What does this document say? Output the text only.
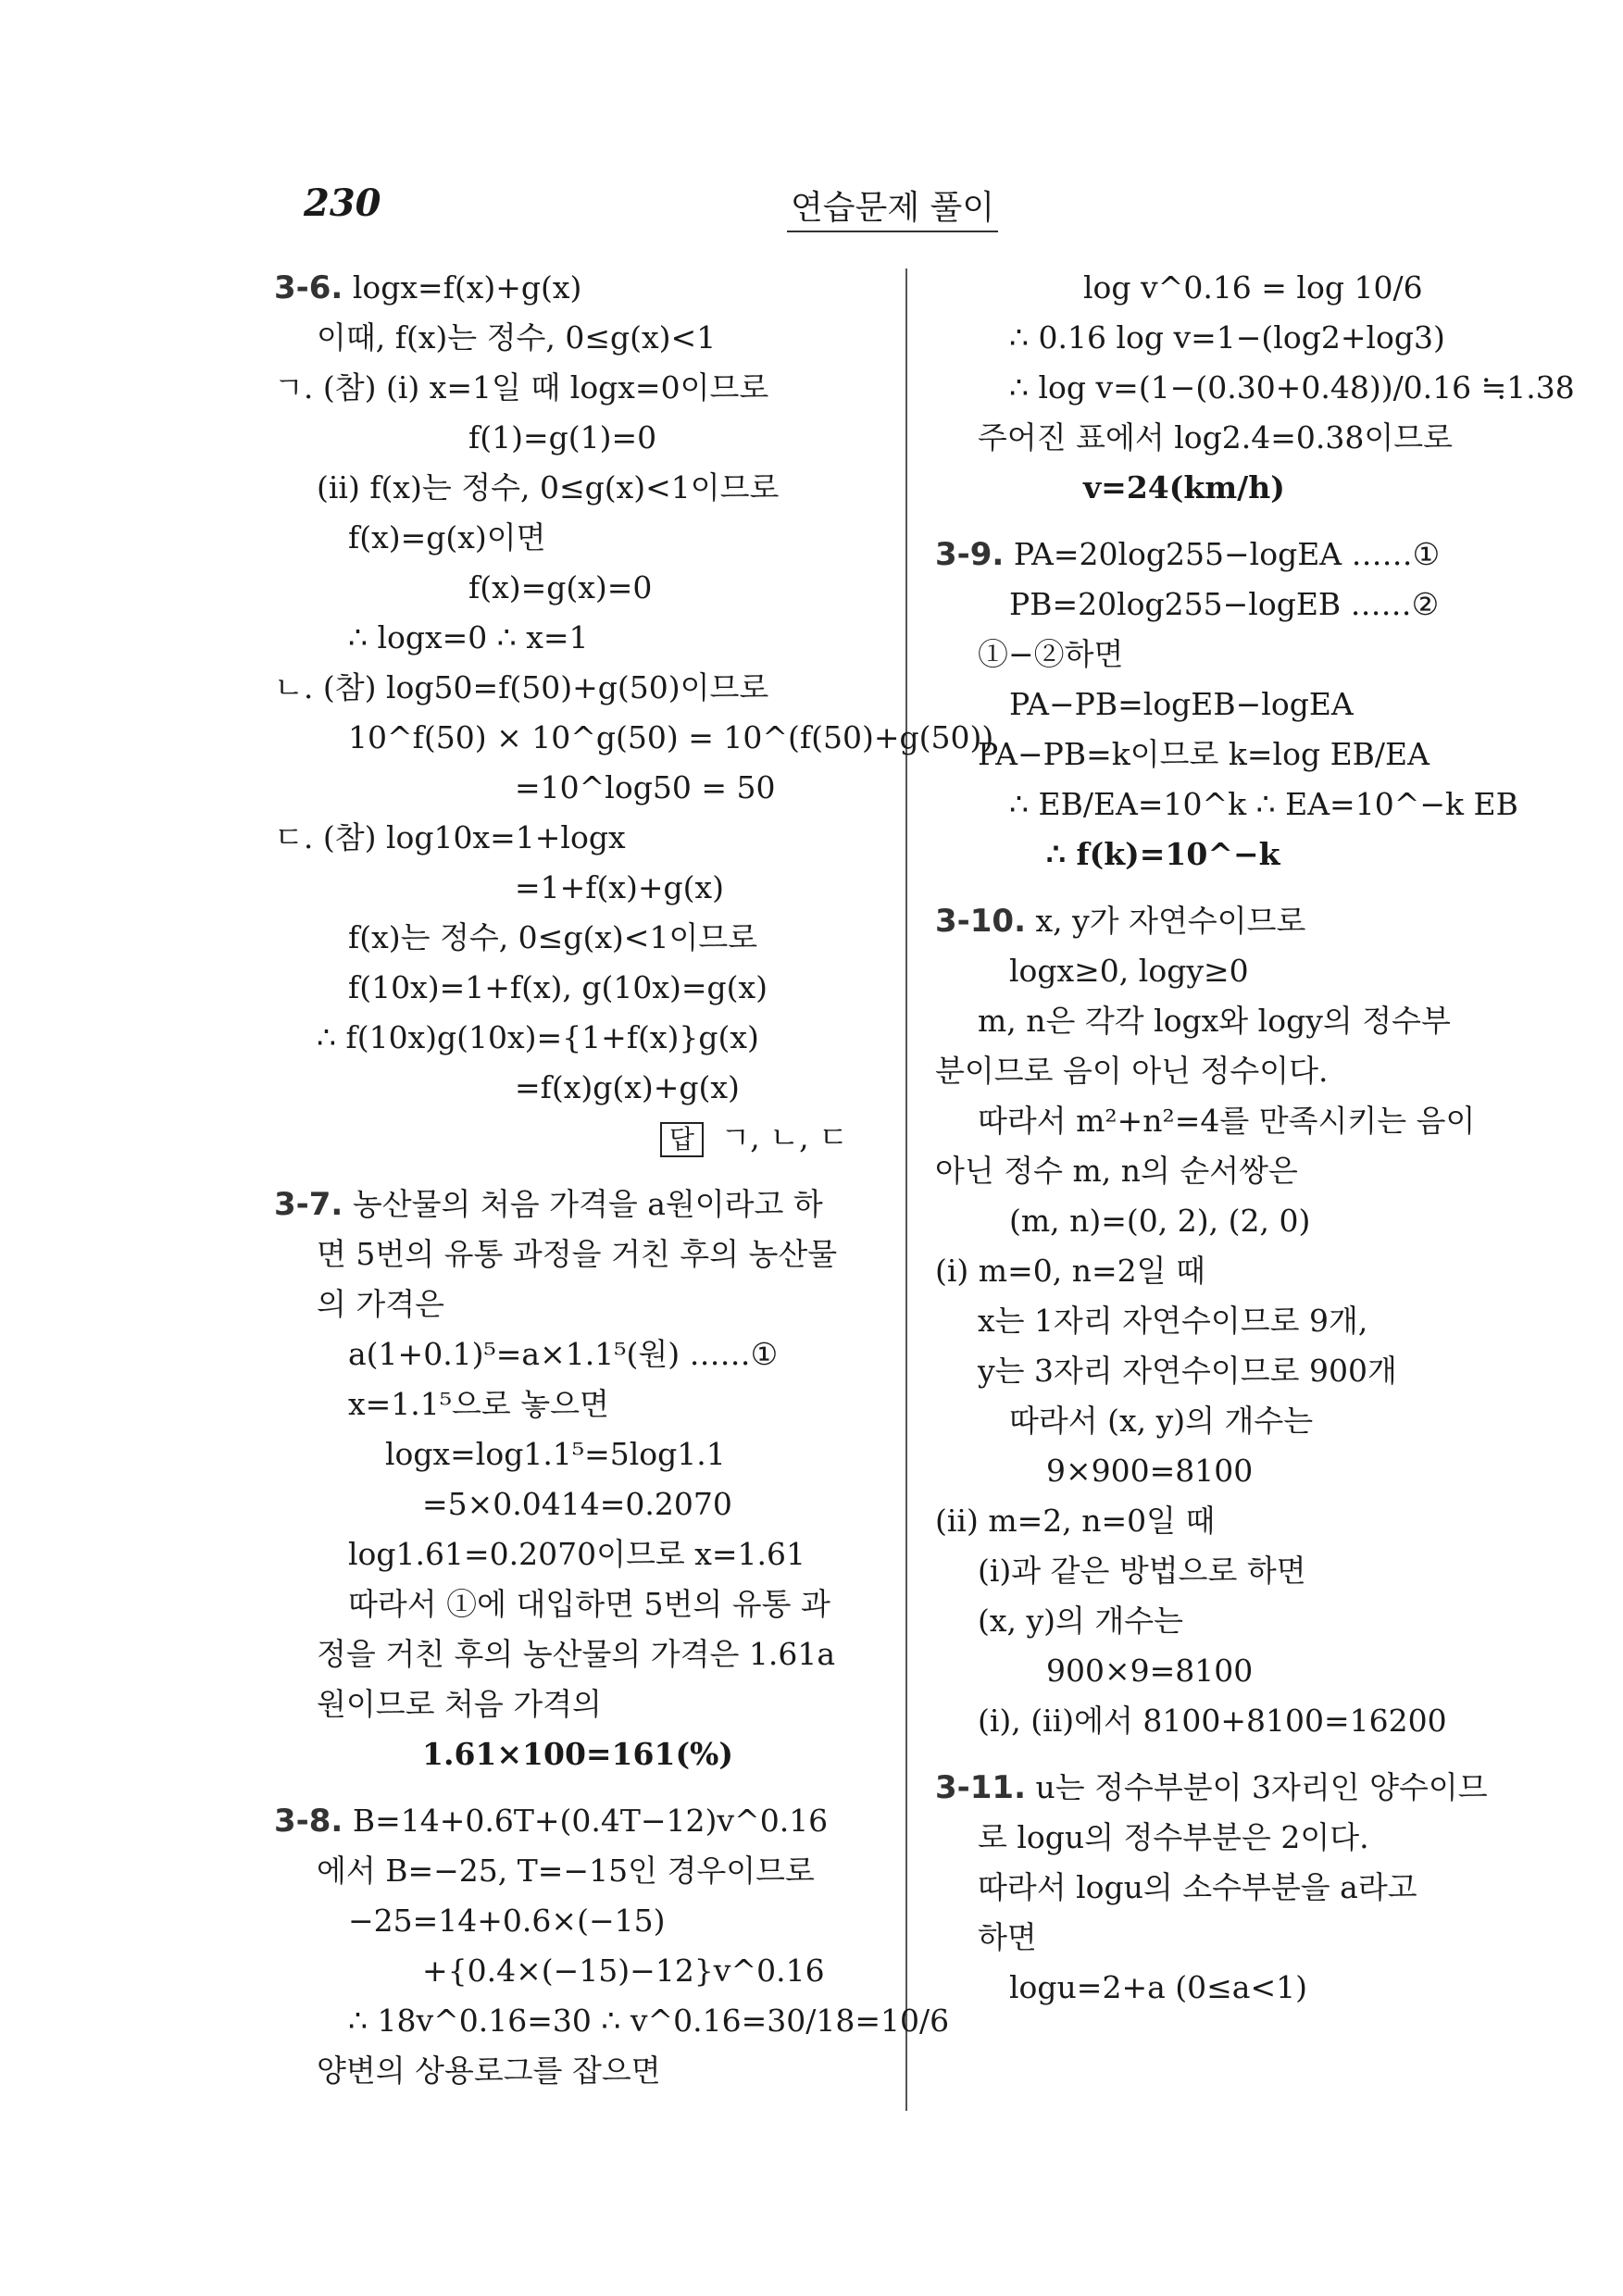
230	연습문제 풀이
3-6. logx=f(x)+g(x)
이때, f(x)는 정수, 0≤g(x)<1
ㄱ. (참) (i) x=1일 때 logx=0이므로
f(1)=g(1)=0
(ii) f(x)는 정수, 0≤g(x)<1이므로
f(x)=g(x)이면
f(x)=g(x)=0
∴ logx=0 ∴ x=1
ㄴ. (참) log50=f(50)+g(50)이므로
10^f(50) × 10^g(50) = 10^(f(50)+g(50))
=10^log50 = 50
ㄷ. (참) log10x=1+logx
=1+f(x)+g(x)
f(x)는 정수, 0≤g(x)<1이므로
f(10x)=1+f(x), g(10x)=g(x)
∴ f(10x)g(10x)={1+f(x)}g(x)
=f(x)g(x)+g(x)
답 ㄱ, ㄴ, ㄷ
3-7. 농산물의 처음 가격을 a원이라고 하
면 5번의 유통 과정을 거친 후의 농산물
의 가격은
a(1+0.1)⁵=a×1.1⁵(원) ……①
x=1.1⁵으로 놓으면
logx=log1.1⁵=5log1.1
=5×0.0414=0.2070
log1.61=0.2070이므로 x=1.61
따라서 ①에 대입하면 5번의 유통 과
정을 거친 후의 농산물의 가격은 1.61a
원이므로 처음 가격의
1.61×100=161(%)
3-8. B=14+0.6T+(0.4T−12)v^0.16
에서 B=−25, T=−15인 경우이므로
−25=14+0.6×(−15)
+{0.4×(−15)−12}v^0.16
∴ 18v^0.16=30 ∴ v^0.16=30/18=10/6
양변의 상용로그를 잡으면
log v^0.16 = log 10/6
∴ 0.16 log v=1−(log2+log3)
∴ log v=(1−(0.30+0.48))/0.16 ≒1.38
주어진 표에서 log2.4=0.38이므로
v=24(km/h)
3-9. PA=20log255−logEA ……①
PB=20log255−logEB ……②
①−②하면
PA−PB=logEB−logEA
PA−PB=k이므로 k=log EB/EA
∴ EB/EA=10^k ∴ EA=10^−k EB
∴ f(k)=10^−k
3-10. x, y가 자연수이므로
logx≥0, logy≥0
m, n은 각각 logx와 logy의 정수부
분이므로 음이 아닌 정수이다.
따라서 m²+n²=4를 만족시키는 음이
아닌 정수 m, n의 순서쌍은
(m, n)=(0, 2), (2, 0)
(i) m=0, n=2일 때
x는 1자리 자연수이므로 9개,
y는 3자리 자연수이므로 900개
따라서 (x, y)의 개수는
9×900=8100
(ii) m=2, n=0일 때
(i)과 같은 방법으로 하면
(x, y)의 개수는
900×9=8100
(i), (ii)에서 8100+8100=16200
3-11. u는 정수부분이 3자리인 양수이므
로 logu의 정수부분은 2이다.
따라서 logu의 소수부분을 a라고
하면
logu=2+a (0≤a<1)
